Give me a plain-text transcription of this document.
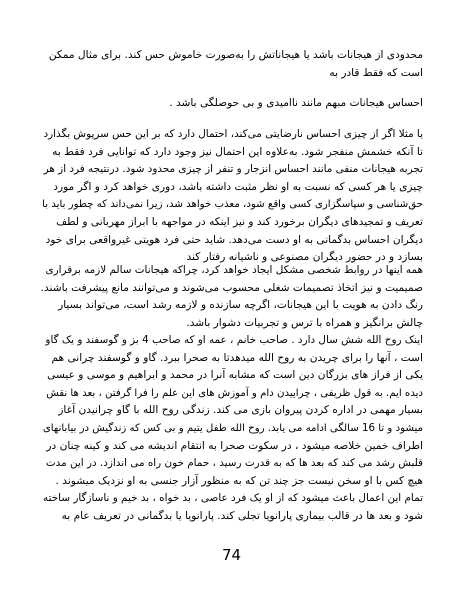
محدودی از هیجانات باشد یا هیجاناتش را به‌صورت خاموش حس کند. برای مثال ممکن
است که فقط قادر به
احساس هیجانات مبهم مانند ناامیدی و بی حوصلگی باشد .
یا مثلا اگر از چیزی احساس نارضایتی می‌کند، احتمال دارد که بر این حس سرپوش بگذارد
تا آنکه خشمش منفجر شود. به‌علاوه این احتمال نیز وجود دارد که توانایی فرد فقط به
تجربه هیجانات منفی مانند احساس انزجار و تنفر از چیزی محدود شود. درنتیجه فرد از هر
چیزی یا هر کسی که نسبت به او نظر مثبت داشته باشد، دوری خواهد کرد و اگر مورد
حق‌شناسی و سپاسگزاری کسی واقع شود، معذب خواهد شد، زیرا نمی‌داند که چطور باید با
تعریف و تمجیدهای دیگران برخورد کند و نیز اینکه در مواجهه با ابراز مهربانی و لطف
دیگران احساس بدگمانی به او دست می‌دهد. شاید حتی فرد هویتی غیرواقعی برای خود
بسازد و در حضور دیگران مصنوعی و ناشیانه رفتار کند
همه اینها در روابط شخصی مشکل ایجاد خواهد کرد، چراکه هیجانات سالم لازمه برقراری
صمیمیت و نیز اتخاذ تصمیمات شغلی محسوب می‌شوند و می‌توانند مانع پیشرفت باشند.
رنگ دادن به هویت با این هیجانات، اگرچه سازنده و لازمه رشد است، می‌تواند بسیار
چالش برانگیز و همراه با ترس و تجربیات دشوار باشد.
اینک روح الله شش سال دارد . صاحب خانم ، عمه او که صاحب 4 بز و گوسفند و یک گاو
است ، آنها را برای چریدن به روح الله میدهدتا به صحرا ببرد. گاو و گوسفند چرانی هم
یکی از فراز های بزرگان دین است که مشابه آنرا در محمد و ابراهیم و موسی و عیسی
دیده ایم. به قول ظریفی ، چراییدن دام و آموزش های این علم را فرا گرفتن ، بعد ها نقش
بسیار مهمی در اداره کردن پیروان بازی می کند. زندگی روح الله با گاو چرانیدن آغاز
میشود و تا 16 سالگی ادامه می یابد. روح الله طفل یتیم و بی کس که زندگیش در بیابانهای
اطراف خمین خلاصه میشود ، در سکوت صحرا به انتقام اندیشه می کند و کینه چنان در
قلبش رشد می کند که بعد ها که به قدرت رسید ، حمام خون راه می اندازد. در این مدت
هیچ کس با او سخن نیست جز چند تن که به منظور آزار جنسی به او نزدیک میشوند .
تمام این اعمال باعث میشود که از او یک فرد عاصی ، بد خواه ، بد خیم و ناسازگار ساخته
شود و بعد ها در قالب بیماری پارانویا تجلی کند. پارانویا یا بدگمانی در تعریف عام به
74
